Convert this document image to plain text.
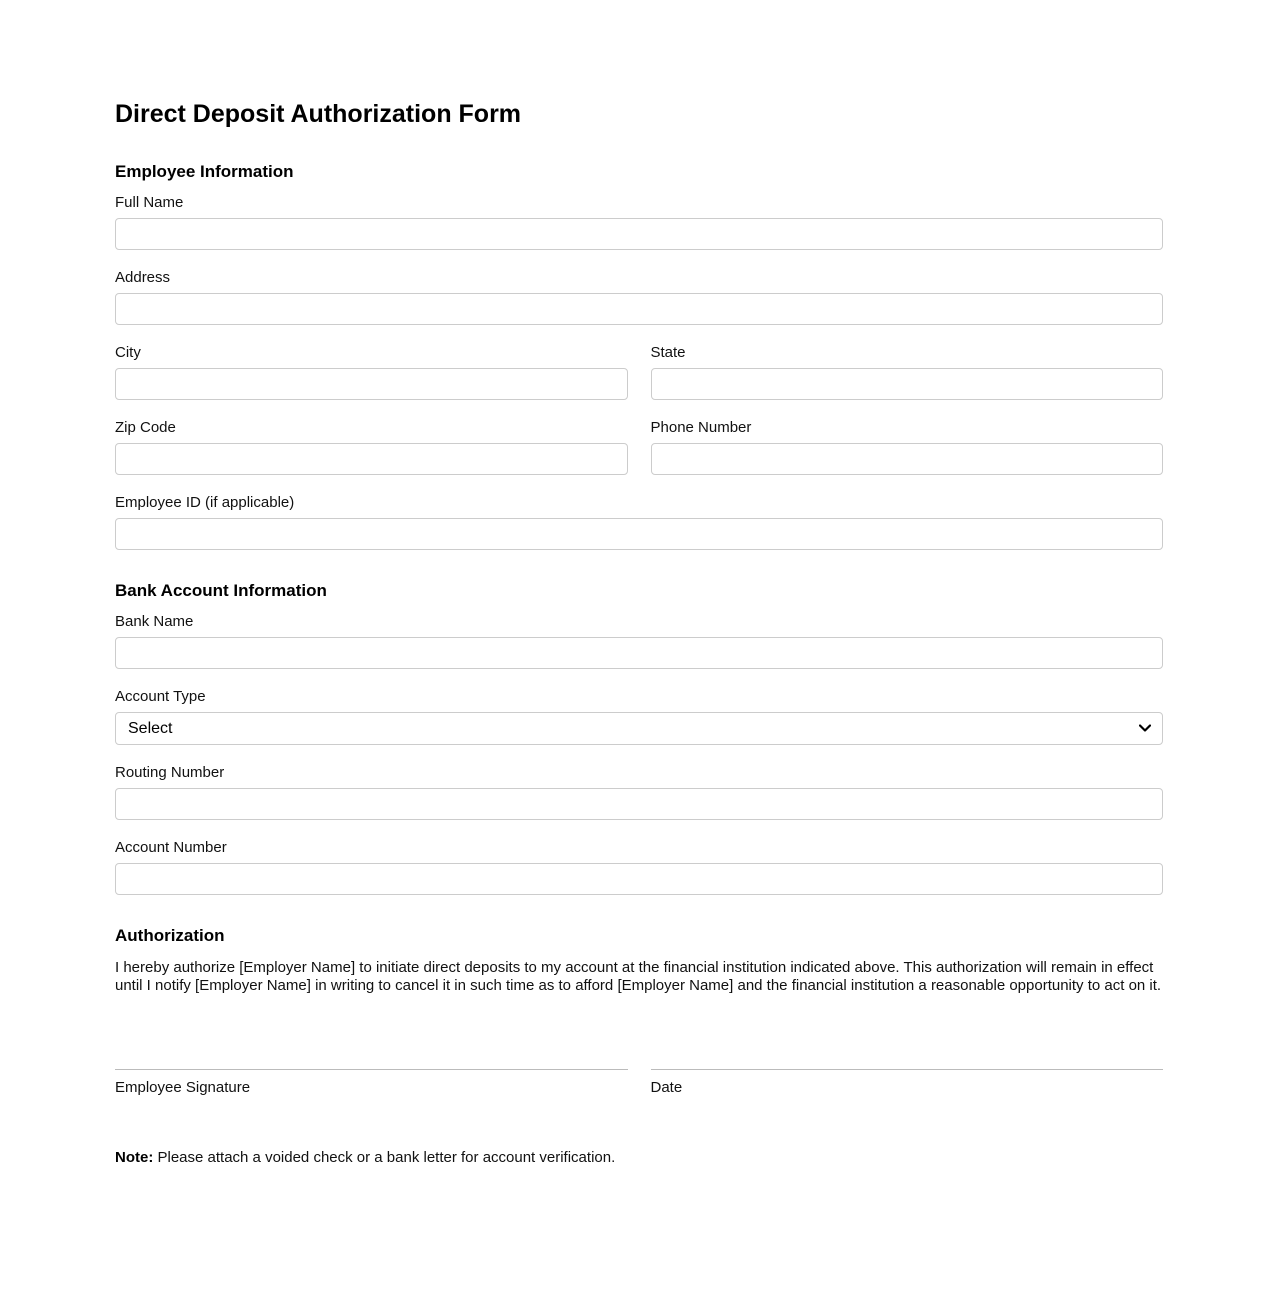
Direct Deposit Authorization Form
Employee Information
Full Name
Address
City	State
Zip Code	Phone Number
Employee ID (if applicable)
Bank Account Information
Bank Name
Account Type
Select
Routing Number
Account Number
Authorization

I hereby authorize [Employer Name] to initiate direct deposits to my account at the financial institution indicated above. This authorization will remain in effect until I notify [Employer Name] in writing to cancel it in such time as to afford [Employer Name] and the financial institution a reasonable opportunity to act on it.

Employee Signature	Date

Note: Please attach a voided check or a bank letter for account verification.
